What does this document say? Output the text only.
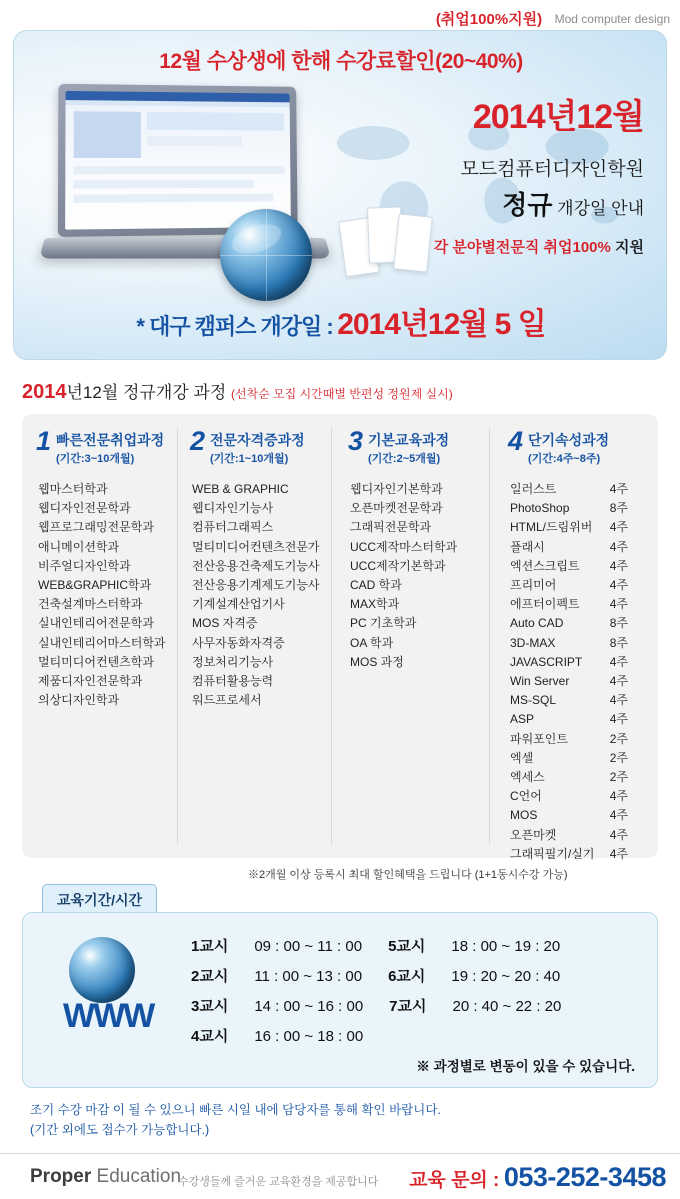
(취업100%지원) Mod computer design
12월 수상생에 한해 수강료할인(20~40%)
2014년12월
모드컴퓨터디자인학원
정규 개강일 안내
각 분야별전문직 취업100% 지원
* 대구 캠퍼스 개강일 : 2014년12월 5 일
2014년12월 정규개강 과정 (선착순 모집 시간때별 반편성 정원제 실시)
1 빠른전문취업과정
(기간:3~10개월)
웹마스터학과
웹디자인전문학과
웹프로그래밍전문학과
애니메이션학과
비주얼디자인학과
WEB&GRAPHIC학과
건축설계마스터학과
실내인테리어전문학과
실내인테리어마스터학과
멀티미디어컨텐츠학과
제품디자인전문학과
의상디자인학과
2 전문자격증과정
(기간:1~10개월)
WEB & GRAPHIC
웹디자인기능사
컴퓨터그래픽스
멀티미디어컨텐츠전문가
전산응용건축제도기능사
전산응용기계제도기능사
기계설계산업기사
MOS 자격증
사무자동화자격증
정보처리기능사
컴퓨터활용능력
워드프로세서
3 기본교육과정
(기간:2~5개월)
웹디자인기본학과
오픈마켓전문학과
그래픽전문학과
UCC제작마스터학과
UCC제작기본학과
CAD 학과
MAX학과
PC 기초학과
OA 학과
MOS 과정
4 단기속성과정
(기간:4주~8주)
일러스트	4주
PhotoShop	8주
HTML/드림위버 4주
플래시	4주
엑션스크립트	4주
프리미어	4주
에프터이펙트	4주
Auto CAD	8주
3D-MAX	8주
JAVASCRIPT 4주
Win Server	4주
MS-SQL	4주
ASP	4주
파워포인트	2주
엑셀	2주
엑세스	2주
C언어	4주
MOS	4주
오픈마켓	4주
그래픽필기/실기 4주
※2개월 이상 등록시 최대 할인혜택을 드립니다 (1+1동시수강 가능)
교육기간/시간
WWW
1교시 09 : 00 ~ 11 : 00 5교시 18 : 00 ~ 19 : 20
2교시 11 : 00 ~ 13 : 00 6교시 19 : 20 ~ 20 : 40
3교시 14 : 00 ~ 16 : 00 7교시 20 : 40 ~ 22 : 20
4교시 16 : 00 ~ 18 : 00
※ 과정별로 변동이 있을 수 있습니다.
조기 수강 마감 이 될 수 있으니 빠른 시일 내에 담당자를 통해 확인 바랍니다.
(기간 외에도 접수가 가능합니다.)
Proper Education
수강생들께 즐거운 교육환경을 제공합니다 교육 문의 : 053-252-3458
